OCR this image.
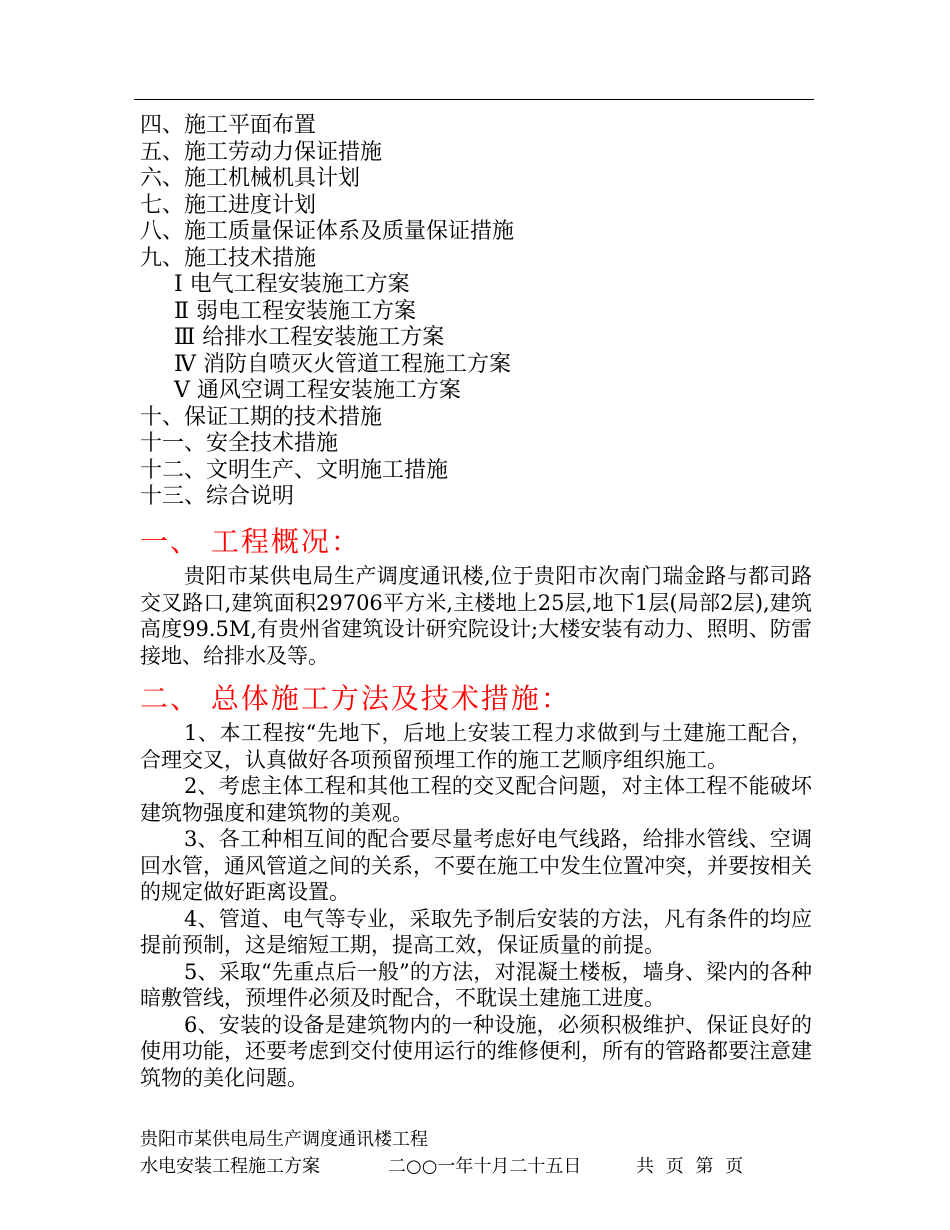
四、施工平面布置
五、施工劳动力保证措施
六、施工机械机具计划
七、施工进度计划
八、施工质量保证体系及质量保证措施
九、施工技术措施
Ⅰ 电气工程安装施工方案
Ⅱ 弱电工程安装施工方案
Ⅲ 给排水工程安装施工方案
Ⅳ 消防自喷灭火管道工程施工方案
Ⅴ 通风空调工程安装施工方案
十、保证工期的技术措施
十一、安全技术措施
十二、文明生产、文明施工措施
十三、综合说明
一、 工程概况：
贵阳市某供电局生产调度通讯楼,位于贵阳市次南门瑞金路与都司路交叉路口,建筑面积29706平方米,主楼地上25层,地下1层(局部2层),建筑高度99.5M,有贵州省建筑设计研究院设计;大楼安装有动力、照明、防雷接地、给排水及等。
二、 总体施工方法及技术措施：

1、本工程按“先地下，后地上安装工程力求做到与土建施工配合，合理交叉，认真做好各项预留预埋工作的施工艺顺序组织施工。

2、考虑主体工程和其他工程的交叉配合问题，对主体工程不能破坏建筑物强度和建筑物的美观。

3、各工种相互间的配合要尽量考虑好电气线路，给排水管线、空调回水管，通风管道之间的关系，不要在施工中发生位置冲突，并要按相关的规定做好距离设置。

4、管道、电气等专业，采取先予制后安装的方法，凡有条件的均应提前预制，这是缩短工期，提高工效，保证质量的前提。

5、采取“先重点后一般”的方法，对混凝土楼板，墙身、梁内的各种暗敷管线，预埋件必须及时配合，不耽误土建施工进度。

6、安装的设备是建筑物内的一种设施，必须积极维护、保证良好的使用功能，还要考虑到交付使用运行的维修便利，所有的管路都要注意建筑物的美化问题。

贵阳市某供电局生产调度通讯楼工程
水电安装工程施工方案	二○○一年十月二十五日	共 页 第 页
